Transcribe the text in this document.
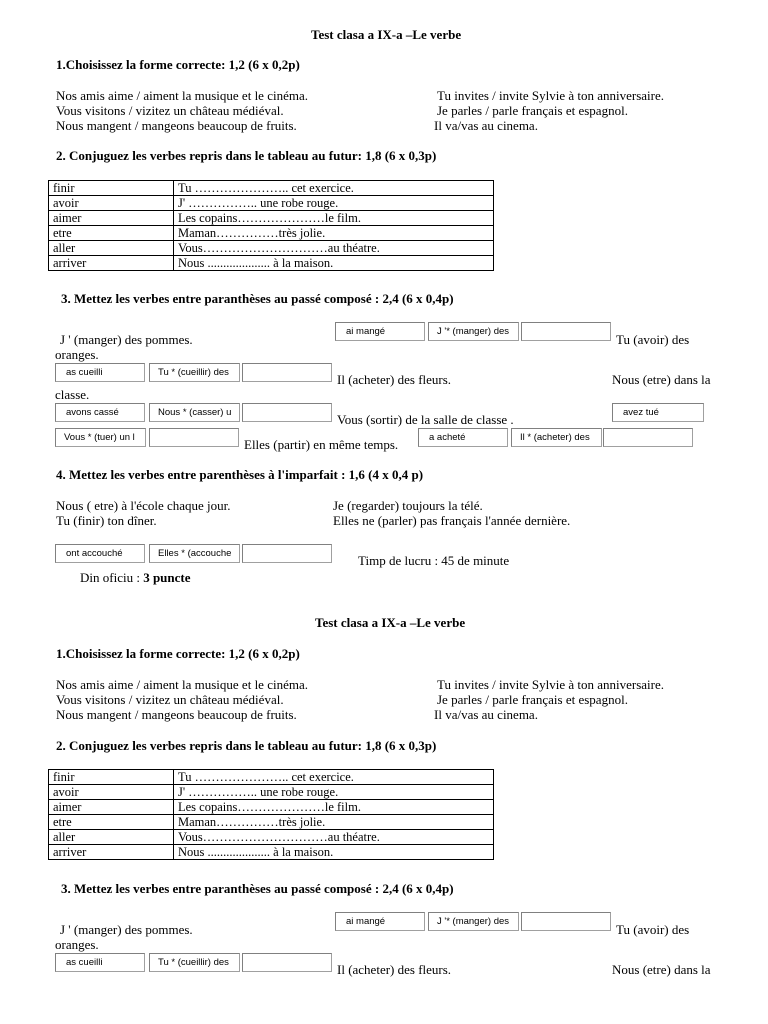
Test clasa a IX-a –Le verbe
1.Choisissez la forme correcte: 1,2 (6 x 0,2p)
Nos amis aime / aiment la musique et le cinéma.
Vous visitons / vizitez un château médiéval.
Nous mangent / mangeons beaucoup de fruits.
Tu invites / invite Sylvie à ton anniversaire.
Je parles / parle français et espagnol.
Il va/vas au cinema.
2. Conjuguez les verbes repris dans le tableau au futur: 1,8 (6 x 0,3p)
finir	Tu ………………….. cet exercice.
avoir	J' …………….. une robe rouge.
aimer	Les copains…………………le film.
etre	Maman……………très jolie.
aller	Vous…………………………au théatre.
arriver	Nous .................... à la maison.
3. Mettez les verbes entre paranthèses au passé composé : 2,4 (6 x 0,4p)
J ' (manger) des pommes.
ai mangé	J '* (manger) des
Tu (avoir) des
oranges.
as cueilli	Tu * (cueillir) des	Il (acheter) des fleurs.	Nous (etre) dans la
classe.
avons cassé	Nous * (casser) u	Vous (sortir) de la salle de classe .	avez tué
Vous * (tuer) un l	Elles (partir) en même temps.	a acheté	Il * (acheter) des
4. Mettez les verbes entre parenthèses à l'imparfait : 1,6 (4 x 0,4 p)
Nous ( etre) à l'école chaque jour.
Tu (finir) ton dîner.
Je (regarder) toujours la télé.
Elles ne (parler) pas français l'année dernière.
ont accouché	Elles * (accouche	Timp de lucru : 45 de minute
Din oficiu : 3 puncte
Test clasa a IX-a –Le verbe
1.Choisissez la forme correcte: 1,2 (6 x 0,2p)
Nos amis aime / aiment la musique et le cinéma.
Vous visitons / vizitez un château médiéval.
Nous mangent / mangeons beaucoup de fruits.
Tu invites / invite Sylvie à ton anniversaire.
Je parles / parle français et espagnol.
Il va/vas au cinema.
2. Conjuguez les verbes repris dans le tableau au futur: 1,8 (6 x 0,3p)
finir	Tu ………………….. cet exercice.
avoir	J' …………….. une robe rouge.
aimer	Les copains…………………le film.
etre	Maman……………très jolie.
aller	Vous…………………………au théatre.
arriver	Nous .................... à la maison.
3. Mettez les verbes entre paranthèses au passé composé : 2,4 (6 x 0,4p)
J ' (manger) des pommes.
ai mangé	J '* (manger) des
Tu (avoir) des
oranges.
as cueilli	Tu * (cueillir) des	Il (acheter) des fleurs.	Nous (etre) dans la
